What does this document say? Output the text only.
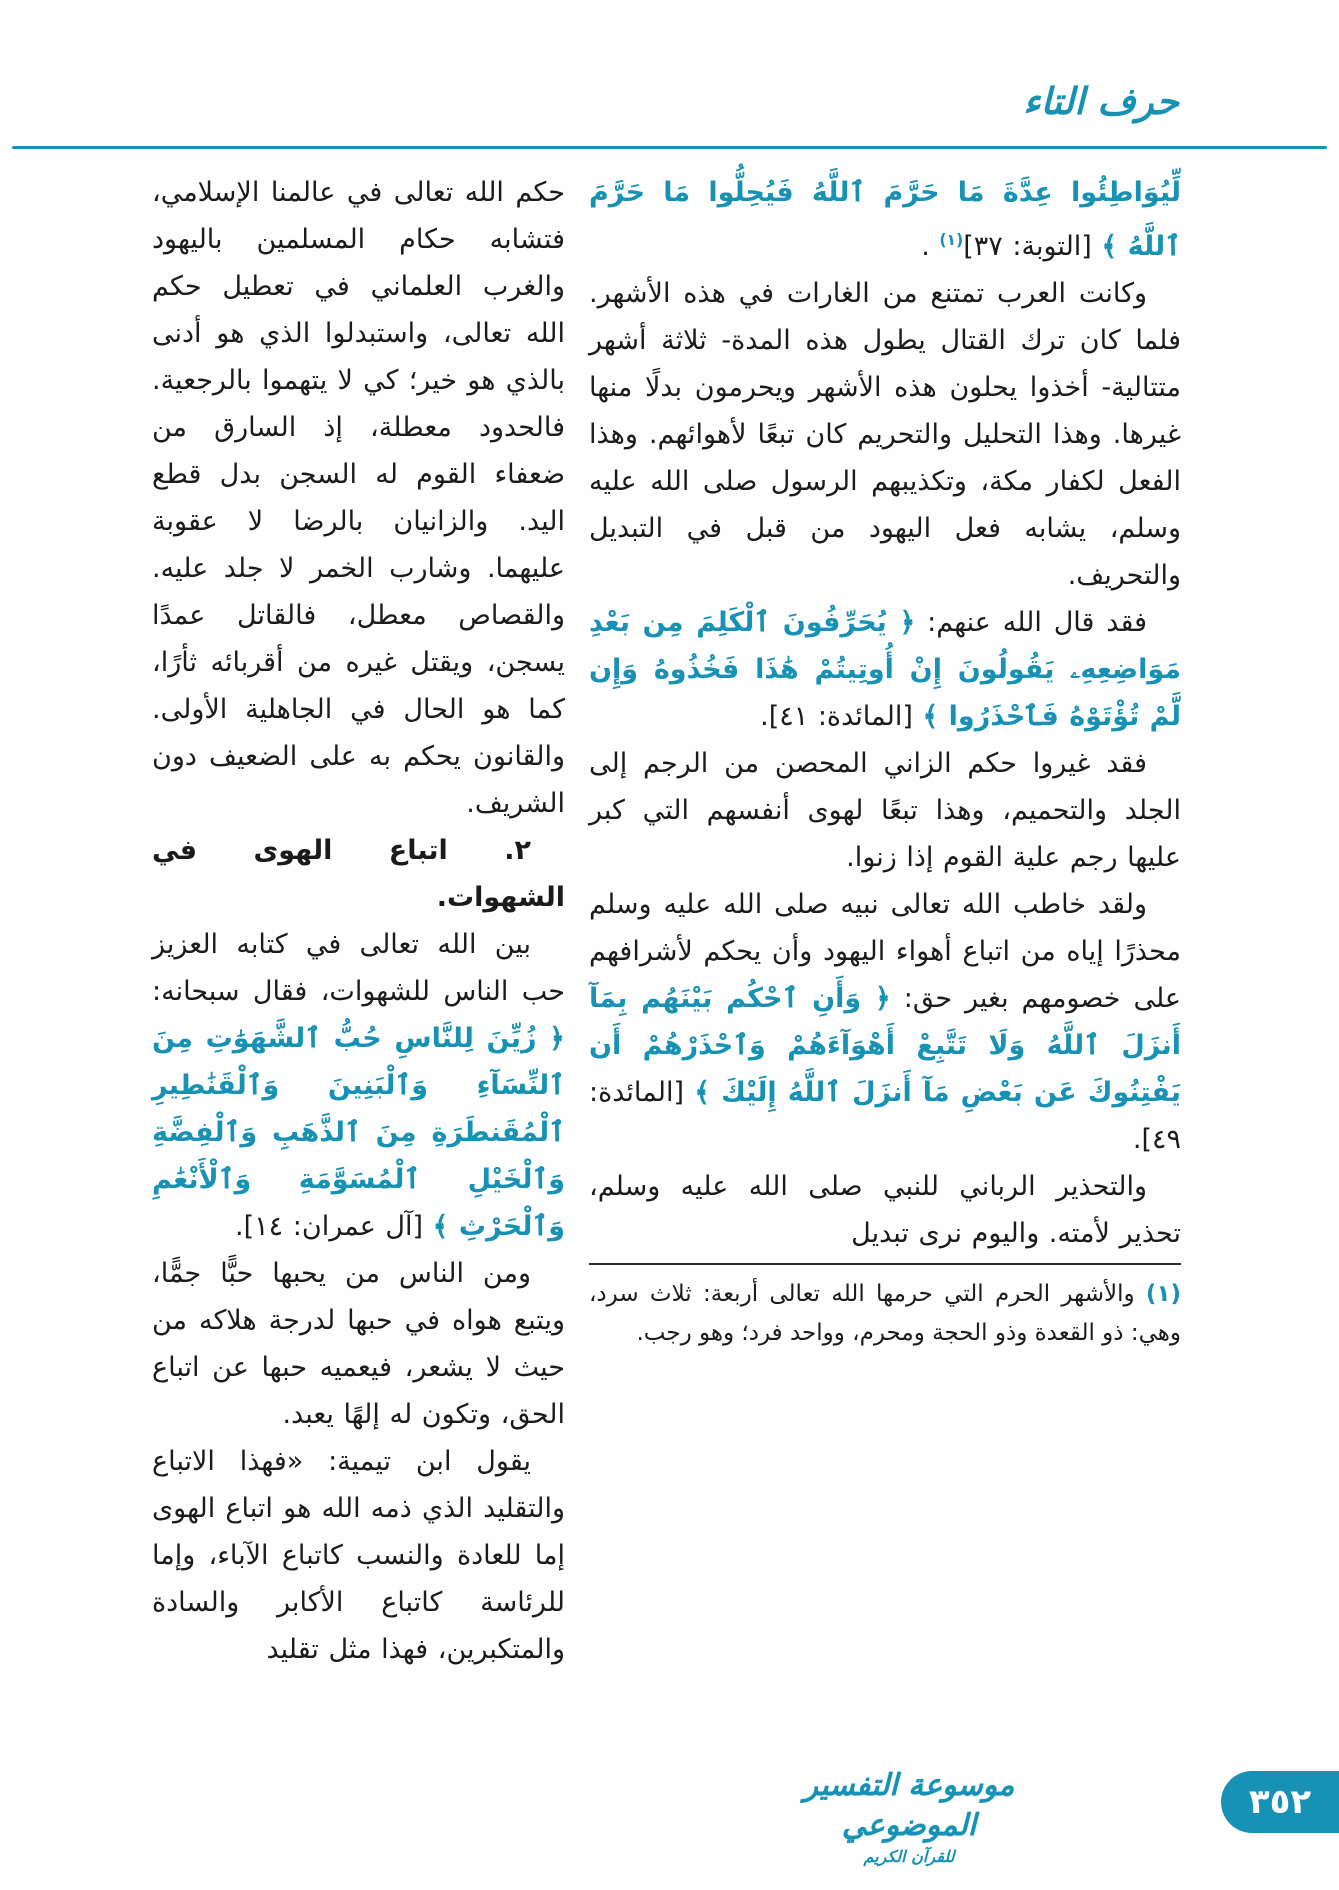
حرف التاء

لِّيُوَاطِئُوا عِدَّةَ مَا حَرَّمَ ٱللَّهُ فَيُحِلُّوا مَا حَرَّمَ ٱللَّهُ ﴾ [التوبة: ٣٧]$^{(١)}$ .

وكانت العرب تمتنع من الغارات في هذه الأشهر. فلما كان ترك القتال يطول هذه المدة- ثلاثة أشهر متتالية- أخذوا يحلون هذه الأشهر ويحرمون بدلًا منها غيرها. وهذا التحليل والتحريم كان تبعًا لأهوائهم. وهذا الفعل لكفار مكة، وتكذيبهم الرسول صلى الله عليه وسلم، يشابه فعل اليهود من قبل في التبديل والتحريف.

فقد قال الله عنهم: ﴿ يُحَرِّفُونَ ٱلْكَلِمَ مِن بَعْدِ مَوَاضِعِهِۦ يَقُولُونَ إِنْ أُوتِيتُمْ هَٰذَا فَخُذُوهُ وَإِن لَّمْ تُؤْتَوْهُ فَٱحْذَرُوا ﴾ [المائدة: ٤١].

فقد غيروا حكم الزاني المحصن من الرجم إلى الجلد والتحميم، وهذا تبعًا لهوى أنفسهم التي كبر عليها رجم علية القوم إذا زنوا.

ولقد خاطب الله تعالى نبيه صلى الله عليه وسلم محذرًا إياه من اتباع أهواء اليهود وأن يحكم لأشرافهم على خصومهم بغير حق: ﴿ وَأَنِ ٱحْكُم بَيْنَهُم بِمَآ أَنزَلَ ٱللَّهُ وَلَا تَتَّبِعْ أَهْوَآءَهُمْ وَٱحْذَرْهُمْ أَن يَفْتِنُوكَ عَن بَعْضِ مَآ أَنزَلَ ٱللَّهُ إِلَيْكَ ﴾ [المائدة: ٤٩].

والتحذير الرباني للنبي صلى الله عليه وسلم، تحذير لأمته. واليوم نرى تبديل

(١) والأشهر الحرم التي حرمها الله تعالى أربعة: ثلاث سرد، وهي: ذو القعدة وذو الحجة ومحرم، وواحد فرد؛ وهو رجب.

حكم الله تعالى في عالمنا الإسلامي، فتشابه حكام المسلمين باليهود والغرب العلماني في تعطيل حكم الله تعالى، واستبدلوا الذي هو أدنى بالذي هو خير؛ كي لا يتهموا بالرجعية. فالحدود معطلة، إذ السارق من ضعفاء القوم له السجن بدل قطع اليد. والزانيان بالرضا لا عقوبة عليهما. وشارب الخمر لا جلد عليه. والقصاص معطل، فالقاتل عمدًا يسجن، ويقتل غيره من أقربائه ثأرًا، كما هو الحال في الجاهلية الأولى. والقانون يحكم به على الضعيف دون الشريف.

٢. اتباع الهوى في الشهوات.

بين الله تعالى في كتابه العزيز حب الناس للشهوات، فقال سبحانه: ﴿ زُيِّنَ لِلنَّاسِ حُبُّ ٱلشَّهَوَٰتِ مِنَ ٱلنِّسَآءِ وَٱلْبَنِينَ وَٱلْقَنَٰطِيرِ ٱلْمُقَنطَرَةِ مِنَ ٱلذَّهَبِ وَٱلْفِضَّةِ وَٱلْخَيْلِ ٱلْمُسَوَّمَةِ وَٱلْأَنْعَٰمِ وَٱلْحَرْثِ ﴾ [آل عمران: ١٤].

ومن الناس من يحبها حبًّا جمًّا، ويتبع هواه في حبها لدرجة هلاكه من حيث لا يشعر، فيعميه حبها عن اتباع الحق، وتكون له إلهًا يعبد.

يقول ابن تيمية: «فهذا الاتباع والتقليد الذي ذمه الله هو اتباع الهوى إما للعادة والنسب كاتباع الآباء، وإما للرئاسة كاتباع الأكابر والسادة والمتكبرين، فهذا مثل تقليد

موسوعة التفسير الموضوعي
للقرآن الكريم
٣٥٢
